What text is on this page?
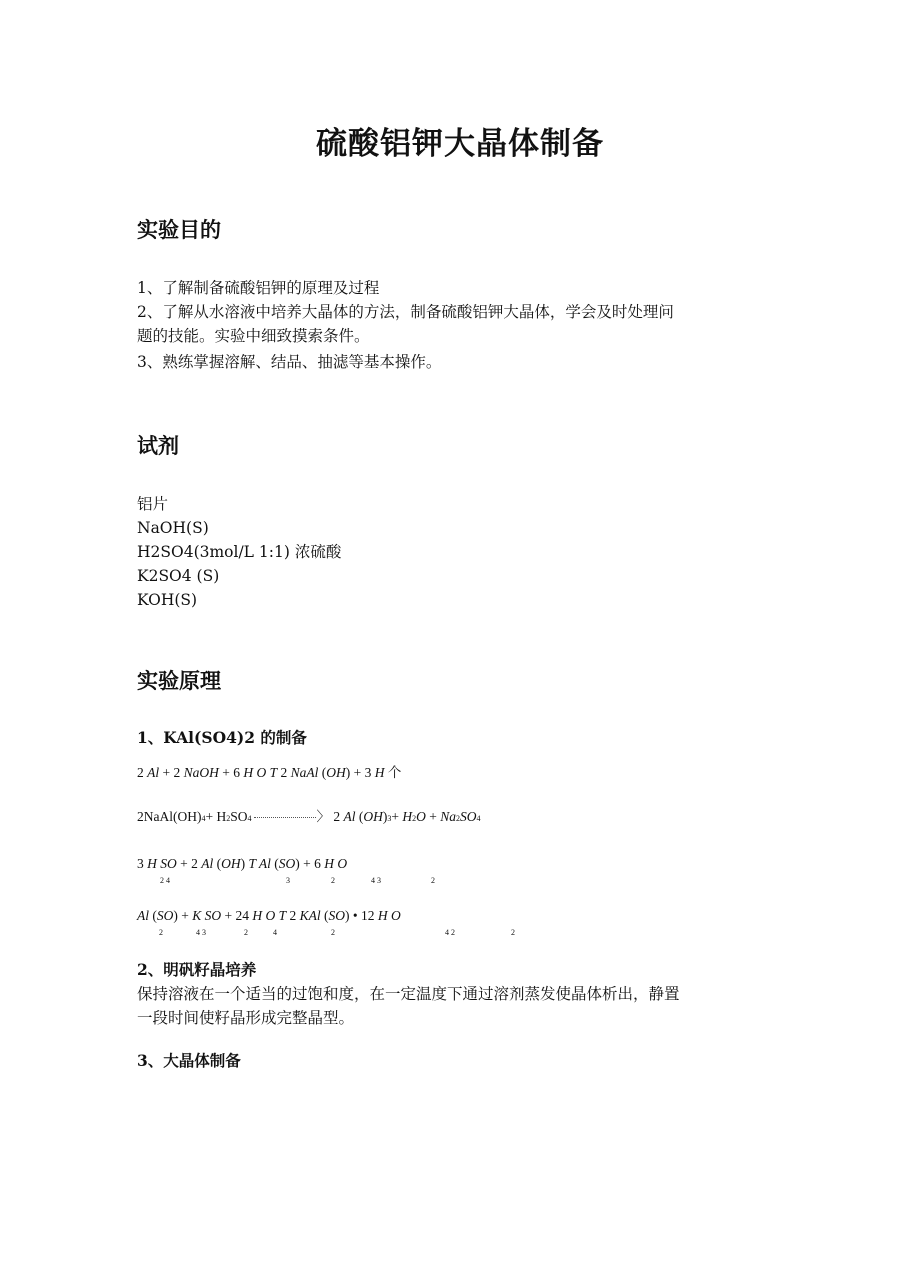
硫酸铝钾大晶体制备
实验目的
1、了解制备硫酸铝钾的原理及过程
2、了解从水溶液中培养大晶体的方法，制备硫酸铝钾大晶体，学会及时处理问
题的技能。实验中细致摸索条件。
3、熟练掌握溶解、结品、抽滤等基本操作。
试剂
铝片
NaOH(S)
H2SO4(3mol/L 1:1) 浓硫酸
K2SO4 (S)
KOH(S)
实验原理
1、KAl(SO4)2 的制备
2 Al + 2 NaOH + 6 H O T 2 NaAl (OH) + 3 H 个
2NaAl(OH)4+ H2SO4	〉 2 Al (OH)3+ H2O + Na2SO4
3 H SO + 2 Al (OH) T Al (SO) + 6 H O
2 4	3	2	4 3	2
Al (SO) + K SO + 24 H O T 2 KAl (SO) • 12 H O
2	4 3	2	4	2	4 2	2
2、明矾籽晶培养
保持溶液在一个适当的过饱和度，在一定温度下通过溶剂蒸发使晶体析出，静置
一段时间使籽晶形成完整晶型。
3、大晶体制备
